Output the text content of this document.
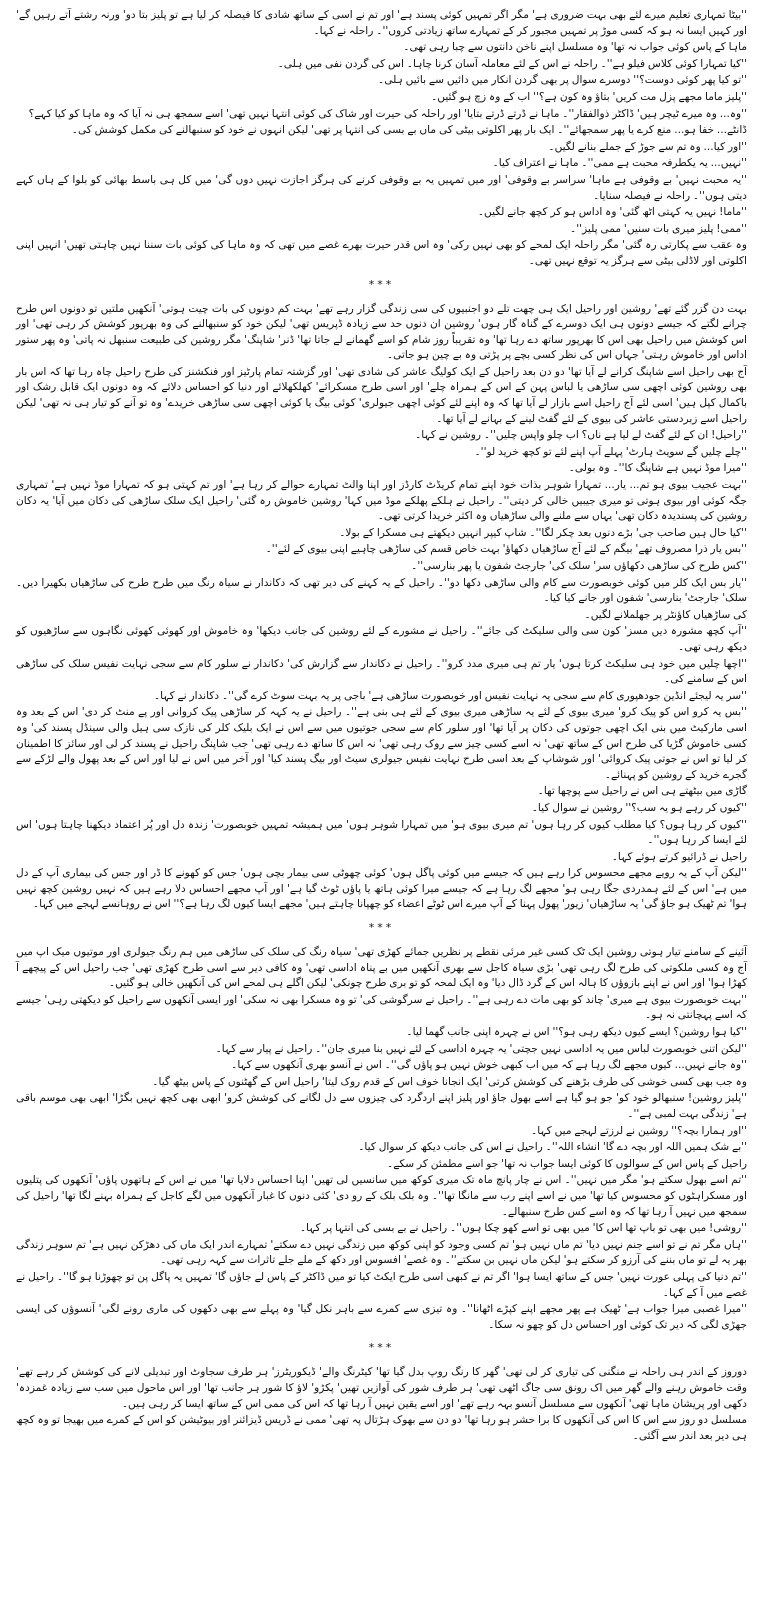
''بیٹا تمہاری تعلیم میرے لئے بھی بہت ضروری ہے' مگر اگر تمہیں کوئی پسند ہے' اور تم نے اسی کے ساتھ شادی کا فیصلہ کر لیا ہے تو پلیز بتا دو' ورنہ رشتے آتے رہیں گے' اور کہیں ایسا نہ ہو کہ کسی موڑ پر تمہیں مجبور کر کے تمہارے ساتھ زیادتی کروں''۔ راحلہ نے کہا۔

ماہا کے پاس کوئی جواب نہ تھا' وہ مسلسل اپنے ناخن دانتوں سے چبا رہی تھی۔

''کیا تمہارا کوئی کلاس فیلو ہے''۔ راحلہ نے اس کے لئے معاملہ آسان کرنا چاہا۔ اس کی گردن نفی میں ہلی۔

''تو کیا پھر کوئی دوست؟'' دوسرے سوال پر بھی گردن انکار میں دائیں سے بائیں ہلی۔

''پلیز ماما مجھے پزل مت کریں' بتاؤ وہ کون ہے؟'' اب کے وہ زچ ہو گئیں۔

''وہ... وہ میرے ٹیچر ہیں' ڈاکٹر ذوالفقار''۔ ماہا نے ڈرتے ڈرتے بتایا' اور راحلہ کی حیرت اور شاک کی کوئی انتہا نہیں تھی' اسے سمجھ ہی نہ آیا کہ وہ ماہا کو کیا کہے؟

ڈانٹے... خفا ہو... منع کرے یا پھر سمجھائے''۔ ایک بار پھر اکلوتی بیٹی کی ماں بے بسی کی انتہا پر تھی' لیکن انہوں نے خود کو سنبھالنے کی مکمل کوشش کی۔

''اور کیا... وہ تم سے جوڑ کے جملے بنانے لگیں۔

''نہیں... یہ یکطرفہ محبت ہے ممی''۔ ماہا نے اعتراف کیا۔

''یہ محبت نہیں' بے وقوفی ہے ماہا' سراسر بے وقوفی' اور میں تمہیں یہ بے وقوفی کرنے کی ہرگز اجازت نہیں دوں گی' میں کل ہی باسط بھائی کو بلوا کے ہاں کہے دیتی ہوں''۔ راحلہ نے فیصلہ سنایا۔

''ماما! نہیں یہ کہتی اٹھ گئی' وہ اداس ہو کر کچھ جانے لگیں۔

''ممی! پلیز میری بات سنیں' ممی پلیز''۔

وہ عقب سے پکارتی رہ گئی' مگر راحلہ ایک لمحے کو بھی نہیں رکی' وہ اس قدر حیرت بھرے غصے میں تھی کہ وہ ماہا کی کوئی بات سننا نہیں چاہتی تھیں' انہیں اپنی اکلوتی اور لاڈلی بیٹی سے ہرگز یہ توقع نہیں تھی۔

***

بہت دن گزر گئے تھے' روشین اور راحیل ایک ہی چھت تلے دو اجنبیوں کی سی زندگی گزار رہے تھے' بہت کم دونوں کی بات چیت ہوتی' آنکھیں ملتیں تو دونوں اس طرح چرانے لگتے کہ جیسے دونوں ہی ایک دوسرے کے گناہ گار ہوں' روشین ان دنوں حد سے زیادہ ڈپریس تھی' لیکن خود کو سنبھالنے کی وہ بھرپور کوشش کر رہی تھی' اور اس کوشش میں راحیل بھی اس کا بھرپور ساتھ دے رہا تھا' وہ تقریباً روز شام کو اسے گھمانے لے جاتا تھا' ڈنر' شاپنگ' مگر روشین کی طبیعت سنبھل نہ پاتی' وہ پھر ستور اداس اور خاموش رہتی' جہاں اس کی نظر کسی بچے پر پڑتی وہ بے چین ہو جاتی۔

آج بھی راحیل اسے شاپنگ کرانے لے آیا تھا' دو دن بعد راحیل کے ایک کولیگ عاشر کی شادی تھی' اور گزشتہ تمام پارٹیز اور فنکشنز کی طرح راحیل چاہ رہا تھا کہ اس بار بھی روشین کوئی اچھی سی ساڑھی یا لباس پہن کے اس کے ہمراہ چلے' اور اسی طرح مسکرائے' کھلکھلائے اور دنیا کو احساس دلائے کہ وہ دونوں ایک قابل رشک اور باکمال کپل ہیں' اسی لئے آج راحیل اسے بازار لے آیا تھا کہ وہ اپنے لئے کوئی اچھی جیولری' کوئی بیگ یا کوئی اچھی سی ساڑھی خریدے' وہ تو آنے کو تیار ہی نہ تھی' لیکن راحیل اسے زبردستی عاشر کی بیوی کے لئے گفٹ لینے کے بہانے لے آیا تھا۔

''راحیل! ان کے لئے گفٹ لے لیا ہے ناں؟ اب چلو واپس چلیں''۔ روشین نے کہا۔

''چلے چلیں گے سویٹ ہارٹ' پہلے آپ اپنے لئے تو کچھ خرید لو''۔

''میرا موڈ نہیں ہے شاپنگ کا''۔ وہ بولی۔

''بہت عجیب بیوی ہو تم... یار... تمہارا شوہر بذات خود اپنے تمام کریڈٹ کارڈز اور اپنا والٹ تمہارے حوالے کر رہا ہے' اور تم کہتی ہو کہ تمہارا موڈ نہیں ہے' تمہاری جگہ کوئی اور بیوی ہوتی تو میری جیبیں خالی کر دیتی''۔ راحیل نے ہلکے پھلکے موڈ میں کہا' روشین خاموش رہ گئی' راحیل ایک سلک ساڑھی کی دکان میں آیا' یہ دکان روشین کی پسندیدہ دکان تھی' یہاں سے ملنے والی ساڑھیاں وہ اکثر خریدا کرتی تھی۔

''کیا حال ہیں صاحب جی' بڑے دنوں بعد چکر لگا''۔ شاپ کیپر انہیں دیکھتے ہی مسکرا کے بولا۔

''بس یار ذرا مصروف تھے' بیگم کے لئے آج ساڑھیاں دکھاؤ' بہت خاص قسم کی ساڑھی چاہیے اپنی بیوی کے لئے''۔

''کس طرح کی ساڑھی دکھاؤں سر' سلک کی' جارجٹ شفون یا پھر بنارسی''۔

''یار بس ایک کلر میں کوئی خوبصورت سے کام والی ساڑھی دکھا دو''۔ راحیل کے یہ کہنے کی دیر تھی کہ دکاندار نے سیاہ رنگ میں طرح طرح کی ساڑھیاں بکھیرا دیں۔ سلک' جارجٹ' بنارسی' شفون اور جانے کیا کیا۔

کی ساڑھیاں کاؤنٹر پر جھلملانے لگیں۔

''آپ کچھ مشورہ دیں مسز' کون سی والی سلیکٹ کی جائے''۔ راحیل نے مشورے کے لئے روشین کی جانب دیکھا' وہ خاموش اور کھوئی کھوئی نگاہوں سے ساڑھیوں کو دیکھ رہی تھی۔

''اچھا چلیں میں خود ہی سلیکٹ کرتا ہوں' یار تم ہی میری مدد کرو''۔ راحیل نے دکاندار سے گزارش کی' دکاندار نے سلور کام سے سجی نہایت نفیس سلک کی ساڑھی اس کے سامنے کی۔

''سر یہ لیجئے انڈین جودھپوری کام سے سجی یہ نہایت نفیس اور خوبصورت ساڑھی ہے' باجی پر یہ بہت سوٹ کرے گی''۔ دکاندار نے کہا۔

''بس یہ کرو اس کو پیک کرو' میری بیوی کے لئے یہ ساڑھی میری بیوی کے لئے ہی بنی ہے''۔ راحیل نے یہ کہہ کر ساڑھی پیک کروانی اور پے منٹ کر دی' اس کے بعد وہ اسی مارکیٹ میں بنی ایک اچھی جوتوں کی دکان پر آیا تھا' اور سلور کام سے سجی جوتیوں میں سے اس نے ایک بلیک کلر کی نازک سی ہیل والی سینڈل پسند کی' وہ کسی خاموش گڑیا کی طرح اس کے ساتھ تھی' نہ اسے کسی چیز سے روک رہی تھی' نہ اس کا ساتھ دے رہی تھی' جب شاپنگ راحیل نے پسند کر لی اور سائز کا اطمینان کر لیا تو اس نے جوتی پیک کروائی' اور شوشاپ کے بعد اسی طرح نہایت نفیس جیولری سیٹ اور بیگ پسند کیا' اور آخر میں اس نے لیا اور اس کے بعد پھول والے لڑکے سے گجرے خرید کے روشین کو پہنائے۔

گاڑی میں بیٹھتے ہی اس نے راحیل سے پوچھا تھا۔

''کیوں کر رہے ہو یہ سب؟'' روشین نے سوال کیا۔

''کیوں کر رہا ہوں؟ کیا مطلب کیوں کر رہا ہوں' تم میری بیوی ہو' میں تمہارا شوہر ہوں' میں ہمیشہ تمہیں خوبصورت' زندہ دل اور پُر اعتماد دیکھنا چاہتا ہوں' اس لئے ایسا کر رہا ہوں''۔

راحیل نے ڈرائیو کرتے ہوئے کہا۔

''لیکن آپ کے یہ رویے مجھے محسوس کرا رہے ہیں کہ جیسے میں کوئی پاگل ہوں' کوئی چھوٹی سی بیمار بچی ہوں' جس کو کھونے کا ڈر اور جس کی بیماری آپ کے دل میں ہے' اس کے لئے ہمدردی جگا رہی ہو' مجھے لگ رہا ہے کہ جیسے میرا کوئی ہاتھ یا پاؤں ٹوٹ گیا ہے' اور آپ مجھے احساس دلا رہے ہیں کہ نہیں روشین کچھ نہیں ہوا' تم ٹھیک ہو جاؤ گی' یہ ساڑھیاں' زیور' پھول پہنا کے آپ میرے اس ٹوٹے اعضاء کو چھپانا چاہتے ہیں' مجھے ایسا کیوں لگ رہا ہے؟'' اس نے روہانسے لہجے میں کہا۔

***

آئینے کے سامنے تیار ہوتی روشین ایک ٹک کسی غیر مرئی نقطے پر نظریں جمائے کھڑی تھی' سیاہ رنگ کی سلک کی ساڑھی میں ہم رنگ جیولری اور موتیوں میک اپ میں آج وہ کسی ملکوتی کی طرح لگ رہی تھی' بڑی سیاہ کاجل سے بھری آنکھیں میں بے پناہ اداسی تھی' وہ کافی دیر سے اسی طرح کھڑی تھی' جب راحیل اس کے پیچھے آ کھڑا ہوا' اور اس نے اپنے بازوؤں کا ہالہ اس کے گرد ڈال دیا' وہ ایک لمحہ کو تو بری طرح چونکی' لیکن اگلے ہی لمحے اس کی آنکھیں خالی ہو گئیں۔

''بہت خوبصورت بیوی ہے میری' چاند کو بھی مات دے رہی ہے''۔ راحیل نے سرگوشی کی' تو وہ مسکرا بھی نہ سکی' اور ایسی آنکھوں سے راحیل کو دیکھتی رہی' جیسے کہ اسے پہچانتی نہ ہو۔

''کیا ہوا روشین؟ ایسے کیوں دیکھ رہی ہو؟'' اس نے چہرہ اپنی جانب گھما لیا۔

''لیکن اتنی خوبصورت لباس میں یہ اداسی نہیں جچتی' یہ چہرہ اداسی کے لئے نہیں بنا میری جان''۔ راحیل نے پیار سے کہا۔

''وہ جانے نہیں... کیوں مجھے لگ رہا ہے کہ میں اب کبھی خوش نہیں ہو پاؤں گی''۔ اس نے آنسو بھری آنکھوں سے کہا۔

وہ جب بھی کسی خوشی کی طرف بڑھنے کی کوشش کرتی' ایک انجانا خوف اس کے قدم روک لیتا' راحیل اس کے گھٹنوں کے پاس بیٹھ گیا۔

''پلیز روشین! سنبھالو خود کو' جو ہو گیا ہے اسے بھول جاؤ اور پلیز اپنے اردگرد کی چیزوں سے دل لگانے کی کوشش کرو' ابھی بھی کچھ نہیں بگڑا' ابھی بھی موسم باقی ہے' زندگی بہت لمبی ہے''۔

''اور ہمارا بچہ؟'' روشین نے لرزتے لہجے میں کہا۔

''بے شک ہمیں اللہ اور بچہ دے گا' انشاء اللہ''۔ راحیل نے اس کی جانب دیکھ کر سوال کیا۔

راحیل کے پاس اس کے سوالوں کا کوئی ایسا جواب نہ تھا' جو اسے مطمئن کر سکے۔

''تم اسے بھول سکتے ہو' مگر میں نہیں''۔ اس نے چار پانچ ماہ تک میری کوکھ میں سانسیں لی تھیں' اپنا احساس دلایا تھا' میں نے اس کے ہاتھوں پاؤں' آنکھوں کی پتلیوں اور مسکراہٹوں کو محسوس کیا تھا' میں نے اسے اپنے رب سے مانگا تھا''۔ وہ بلک بلک کے رو دی' کئی دنوں کا غبار آنکھوں میں لگے کاجل کے ہمراہ بہنے لگا تھا' راحیل کی سمجھ میں نہیں آ رہا تھا کہ وہ اسے کس طرح سنبھالے۔

''روشی! میں بھی تو باپ تھا اس کا' میں بھی تو اسے کھو چکا ہوں''۔ راحیل نے بے بسی کی انتہا پر کہا۔

''ہاں مگر تم نے تو اسے جنم نہیں دیا' تم ماں نہیں ہو' تم کسی وجود کو اپنی کوکھ میں زندگی نہیں دے سکتے' تمہارے اندر ایک ماں کی دھڑکن نہیں ہے' تم سوہر زندگی بھر یہ لے تو ماں بننے کی آرزو کر سکتے ہو' لیکن ماں نہیں بن سکتے''۔ وہ غصے' افسوس اور دکھ کے ملے جلے تاثرات سے کہہ رہی تھی۔

''تم دنیا کی پہلی عورت نہیں' جس کے ساتھ ایسا ہوا' اگر تم نے کبھی اسی طرح ایکٹ کیا تو میں ڈاکٹر کے پاس لے جاؤں گا' تمہیں یہ پاگل پن تو چھوڑنا ہو گا''۔ راحیل نے غصے میں آ کے کہا۔

''میرا غصبی میرا جواب ہے' ٹھیک ہے پھر مجھے اپنے کپڑے اٹھانا''۔ وہ تیزی سے کمرے سے باہر نکل گیا' وہ پہلے سے بھی دکھوں کی ماری رونے لگی' آنسوؤں کی ایسی جھڑی لگی کہ دیر تک کوئی اور احساس دل کو چھو نہ سکا۔

***

دوروز کے اندر ہی راحلہ نے منگنی کی تیاری کر لی تھی' گھر کا رنگ روپ بدل گیا تھا' کیٹرنگ والے' ڈیکوریٹرز' ہر طرف سجاوٹ اور تبدیلی لانے کی کوشش کر رہے تھے' وقت خاموش رہنے والے گھر میں اک رونق سی جاگ اٹھی تھی' ہر طرف شور کی آوازیں تھیں' پکڑو' لاؤ کا شور ہر جانب تھا' اور اس ماحول میں سب سے زیادہ غمزدہ' دکھی اور پریشان ماہا تھی' آنکھوں سے مسلسل آنسو بہہ رہے تھے' اور اسے یقین نہیں آ رہا تھا کہ اس کی ممی اس کے ساتھ ایسا کر رہی ہیں۔

مسلسل دو روز سے اس کا اس کی آنکھوں کا برا حشر ہو رہا تھا' دو دن سے بھوک ہڑتال پہ تھی' ممی نے ڈریس ڈیزائنر اور بیوٹیشن کو اس کے کمرے میں بھیجا تو وہ کچھ ہی دیر بعد اندر سے آگئی۔
